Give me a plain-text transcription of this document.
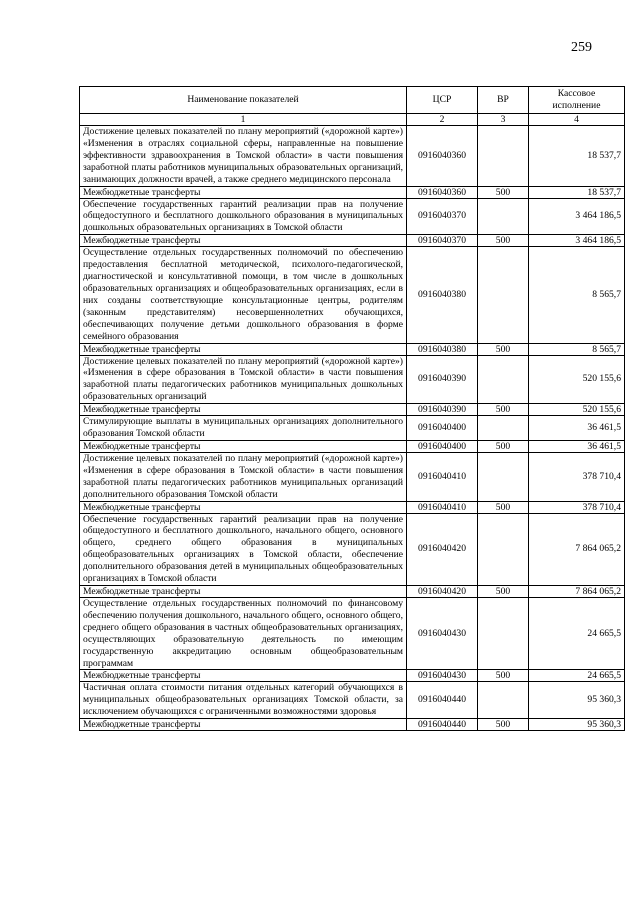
259
Наименование показателей	ЦСР	ВР	Кассовое
исполнение

1	2	3	4
Достижение целевых показателей по плану мероприятий («дорожной карте») «Изменения в отраслях социальной сферы, направленные на повышение эффективности здравоохранения в Томской области» в части повышения заработной платы работников муниципальных образовательных организаций, занимающих должности врачей, а также среднего медицинского персонала	0916040360		18 537,7
Межбюджетные трансферты	0916040360	500	18 537,7
Обеспечение государственных гарантий реализации прав на получение общедоступного и бесплатного дошкольного образования в муниципальных дошкольных образовательных организациях в Томской области	0916040370		3 464 186,5
Межбюджетные трансферты	0916040370	500	3 464 186,5
Осуществление отдельных государственных полномочий по обеспечению предоставления бесплатной методической, психолого-педагогической, диагностической и консультативной помощи, в том числе в дошкольных образовательных организациях и общеобразовательных организациях, если в них созданы соответствующие консультационные центры, родителям (законным представителям) несовершеннолетних обучающихся, обеспечивающих получение детьми дошкольного образования в форме семейного образования	0916040380		8 565,7
Межбюджетные трансферты	0916040380	500	8 565,7
Достижение целевых показателей по плану мероприятий («дорожной карте») «Изменения в сфере образования в Томской области» в части повышения заработной платы педагогических работников муниципальных дошкольных образовательных организаций	0916040390		520 155,6
Межбюджетные трансферты	0916040390	500	520 155,6
Стимулирующие выплаты в муниципальных организациях дополнительного образования Томской области	0916040400		36 461,5
Межбюджетные трансферты	0916040400	500	36 461,5
Достижение целевых показателей по плану мероприятий («дорожной карте») «Изменения в сфере образования в Томской области» в части повышения заработной платы педагогических работников муниципальных организаций дополнительного образования Томской области	0916040410		378 710,4
Межбюджетные трансферты	0916040410	500	378 710,4
Обеспечение государственных гарантий реализации прав на получение общедоступного и бесплатного дошкольного, начального общего, основного общего, среднего общего образования в муниципальных общеобразовательных организациях в Томской области, обеспечение дополнительного образования детей в муниципальных общеобразовательных организациях в Томской области	0916040420		7 864 065,2
Межбюджетные трансферты	0916040420	500	7 864 065,2
Осуществление отдельных государственных полномочий по финансовому обеспечению получения дошкольного, начального общего, основного общего, среднего общего образования в частных общеобразовательных организациях, осуществляющих образовательную деятельность по имеющим государственную аккредитацию основным общеобразовательным программам	0916040430		24 665,5
Межбюджетные трансферты	0916040430	500	24 665,5
Частичная оплата стоимости питания отдельных категорий обучающихся в муниципальных общеобразовательных организациях Томской области, за исключением обучающихся с ограниченными возможностями здоровья	0916040440		95 360,3
Межбюджетные трансферты	0916040440	500	95 360,3
